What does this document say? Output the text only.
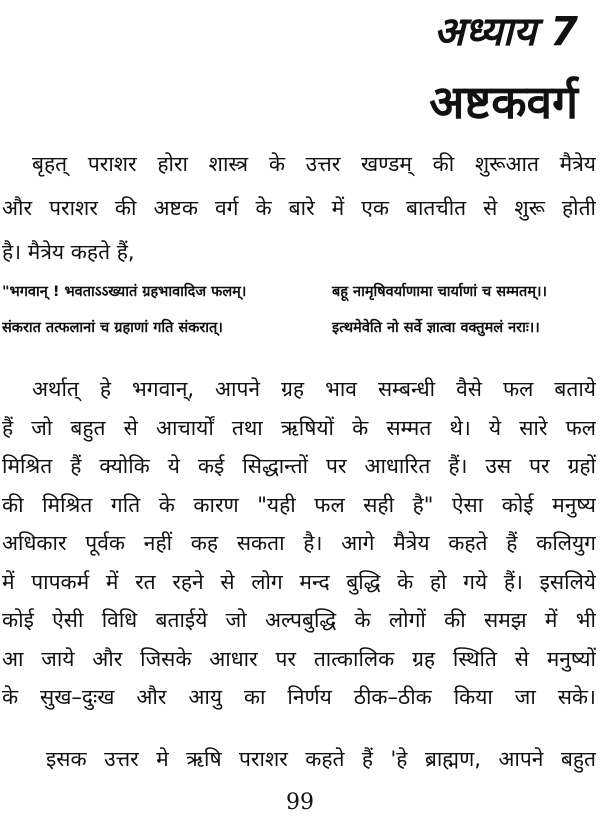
अध्याय 7
अष्टकवर्ग
बृहत् पराशर होरा शास्त्र के उत्तर खण्डम् की शुरूआत मैत्रेय
और पराशर की अष्टक वर्ग के बारे में एक बातचीत से शुरू होती
है। मैत्रेय कहते हैं,
"भगवान् ! भवताऽऽख्यातं ग्रहभावादिज फलम्।	बहू नामृषिवर्याणामा चार्याणां च सम्मतम्।।
संकरात तत्फलानां च ग्रहाणां गति संकरात्।	इत्थमेवेति नो सर्वे ज्ञात्वा वक्तुमलं नराः।।
अर्थात् हे भगवान्, आपने ग्रह भाव सम्बन्धी वैसे फल बताये
हैं जो बहुत से आचार्यों तथा ऋषियों के सम्मत थे। ये सारे फल
मिश्रित हैं क्योकि ये कई सिद्धान्तों पर आधारित हैं। उस पर ग्रहों
की मिश्रित गति के कारण "यही फल सही है" ऐसा कोई मनुष्य
अधिकार पूर्वक नहीं कह सकता है। आगे मैत्रेय कहते हैं कलियुग
में पापकर्म में रत रहने से लोग मन्द बुद्धि के हो गये हैं। इसलिये
कोई ऐसी विधि बताईये जो अल्पबुद्धि के लोगों की समझ में भी
आ जाये और जिसके आधार पर तात्कालिक ग्रह स्थिति से मनुष्यों
के सुख–दुःख और आयु का निर्णय ठीक–ठीक किया जा सके।
इसक उत्तर मे ऋषि पराशर कहते हैं 'हे ब्राह्मण, आपने बहुत
99
